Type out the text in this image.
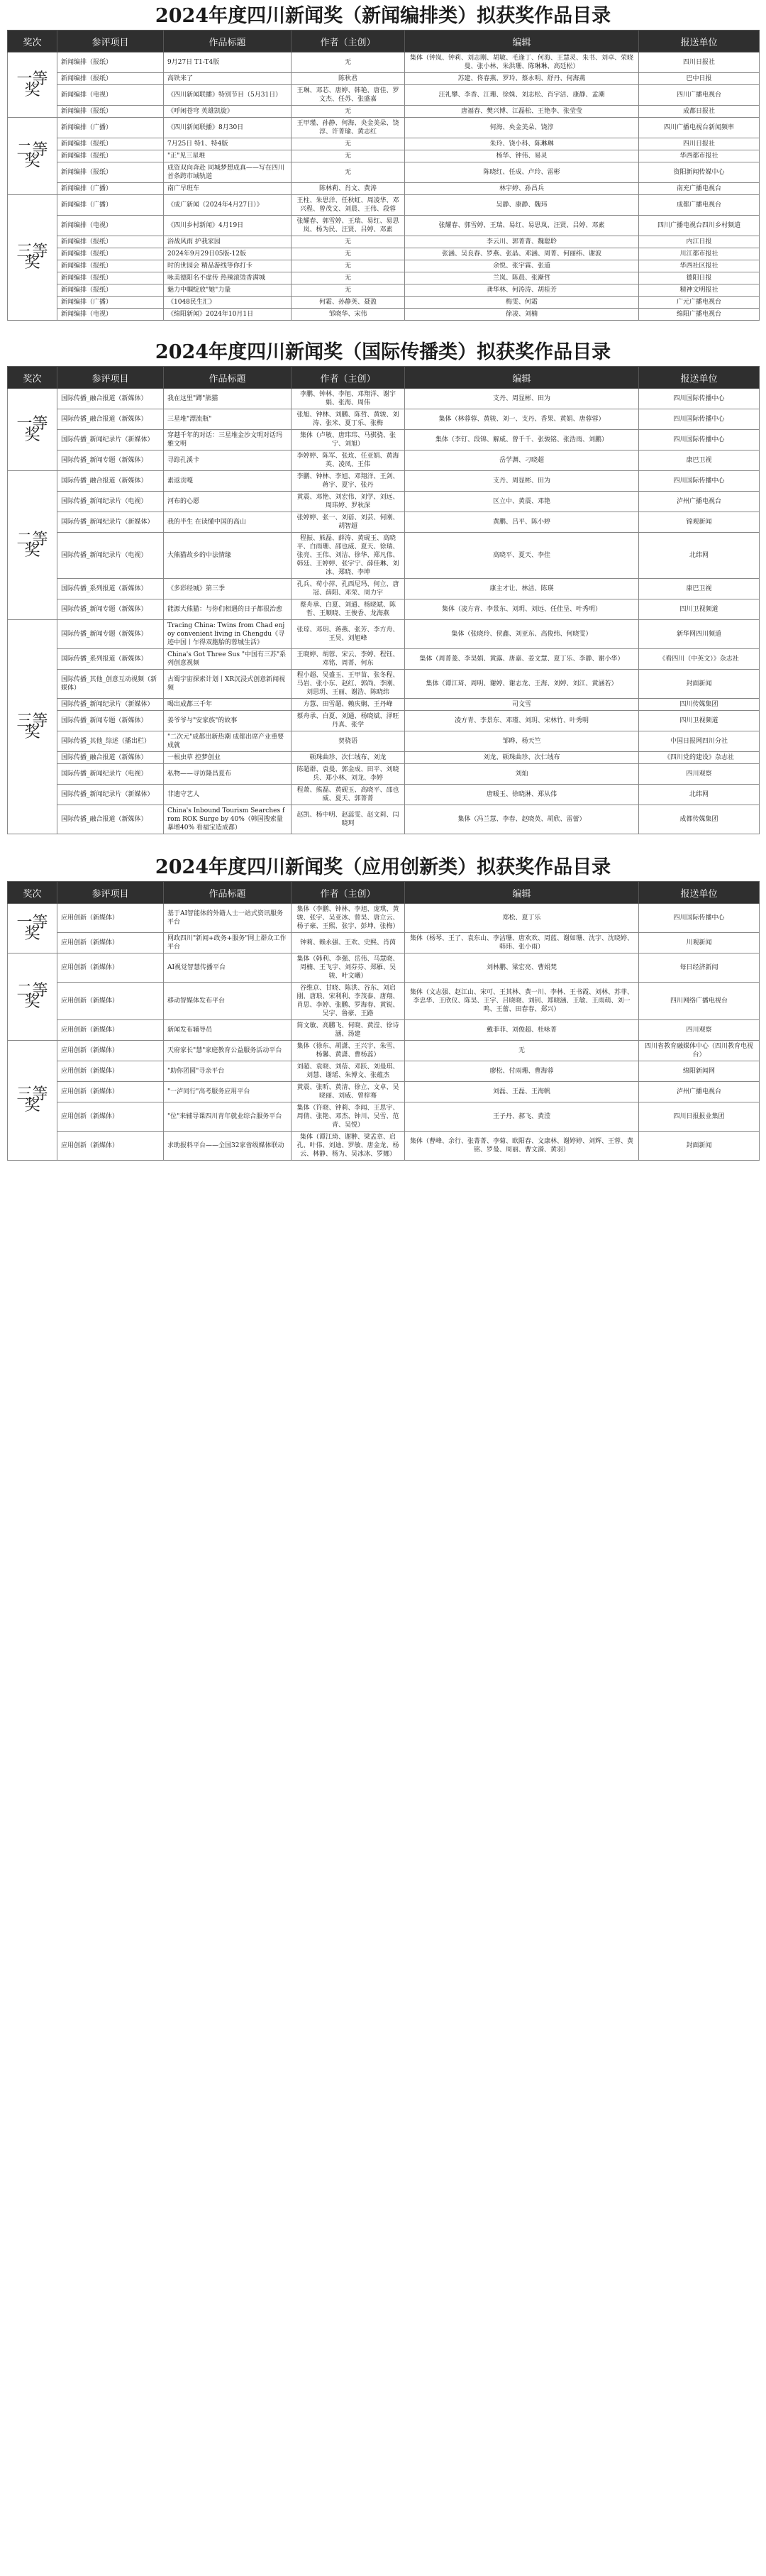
2024年度四川新闻奖（新闻编排类）拟获奖作品目录
奖次	参评项目	作品标题	作者（主创）	编辑	报送单位
一等奖	新闻编排（报纸）	9月27日 T1-T4版	无	集体（钟岚、钟莉、刘志刚、胡敏、毛逢丁、何海、王慧灵、朱书、刘卓、荣晓曼、张小林、朱洪珊、陈琳琳、高廷松）	四川日报社
	新闻编排（报纸）	高铁来了	陈秋君	苏建、佟春燕、罗玲、蔡永明、舒丹、何海燕	巴中日报
	新闻编排（电视）	《四川新闻联播》特别节目（5月31日）	王琳、邓芯、唐婷、韩艳、唐佳、罗文杰、任苏、张盛嘉	汪礼攀、李香、江珊、徐姝、刘志松、肖宇洁、康静、孟潮	四川广播电视台
	新闻编排（报纸）	《呼闲苍穹 英雄凯旋》	无	唐福春、樊兴博、江磊松、王艳李、张莹莹	成都日报社
二等奖	新闻编排（广播）	《四川新闻联播》8月30日	王甲瑾、孙静、何海、央金美朵、饶淳、许菁瑜、黄志红	何海、央金美朵、饶淳	四川广播电视台新闻频率
	新闻编排（报纸）	7月25日 特1、特4版	无	朱玲、饶小科、陈琳琳	四川日报社
	新闻编排（报纸）	"正"见三星堆	无	杨华、钟伟、易灵	华西都市报社
	新闻编排（报纸）	成资双向奔赴 同城梦想成真——写在四川首条跨市域轨道	无	陈晓红、任成、卢玲、雷彬	资阳新闻传媒中心
	新闻编排（广播）	南广早班车	陈林莉、肖文、黄涛	林宇婷、孙昌兵	南充广播电视台
三等奖	新闻编排（广播）	《成广新闻（2024年4月27日）》	王柱、朱思洋、任秋虹、周凌华、邓兴程、曾茂文、刘晨、王伟、段蓉	吴静、康静、魏玮	成都广播电视台
	新闻编排（电视）	《四川乡村新闻》4月19日	张耀春、郭雪婷、王瑞、易红、易思岚、杨为民、汪贤、吕婷、邓素	张耀春、郭雪婷、王瑞、易红、易思岚、汪贤、吕婷、邓素	四川广播电视台四川乡村频道
	新闻编排（报纸）	浴战风雨 护我家园	无	李云川、郭菁菁、魏聪聆	内江日报
	新闻编排（报纸）	2024年9月29日05版-12版	无	张涵、吴良春、罗燕、张晶、邓涵、周菁、何丽纬、谢波	川江都市报社
	新闻编排（报纸）	时的世园会 精品游线等你打卡	无	余悦、张宇霖、张道	华西社区报社
	新闻编排（报纸）	咏美德阳名不虚传 热辣滚烫香满城	无	兰岚、陈晨、张漸哲	德阳日报
	新闻编排（报纸）	魅力中帼绽放"她"力量	无	龚华林、何涛涛、胡桂芳	精神文明报社
	新闻编排（广播）	《1048民生汇》	何霜、孙静英、聂盈	梅雯、何霜	广元广播电视台
	新闻编排（电视）	《绵阳新闻》2024年10月1日	邹晓华、宋伟	徐凌、刘楠	绵阳广播电视台
2024年度四川新闻奖（国际传播类）拟获奖作品目录
奖次	参评项目	作品标题	作者（主创）	编辑	报送单位
一等奖	国际传播_融合报道（新媒体）	我在这里"蹲"熊猫	李鹏、钟林、李旭、邓翔洋、谢宇娟、张海、周伟	支丹、周显彬、田为	四川国际传播中心
	国际传播_融合报道（新媒体）	三星堆"漂流瓶"	张旭、钟林、刘鹏、陈哲、黄骏、刘涛、张米、夏丁乐、张梅	集体（林蓉蓉、黄骏、刘一、支丹、香果、黄娟、唐蓉蓉）	四川国际传播中心
	国际传播_新闻纪录片（新媒体）	穿越千年的对话：三星堆金沙文明对话玛雅文明	集体（卢敏、唐玮玮、马骐骁、张宁、刘旭）	集体（李钉、段锦、解威、曾千千、张骏铭、张浩雨、刘鹏）	四川国际传播中心
	国际传播_新闻专题（新媒体）	寻踪孔溪卡	李婷婷、陈军、张玫、任亚娟、黄海英、凌凤、王伟	岳学渊、刁晓超	康巴卫视
二等奖	国际传播_融合报道（新媒体）	素返贡嘎	李鹏、钟林、李旭、邓翔洋、王剑、蒋宇、夏宇、张丹	支丹、周显彬、田为	四川国际传播中心
	国际传播_新闻纪录片（电视）	河布的心愿	黄震、邓艳、刘宏伟、刘学、刘远、周玮婷、罗秋深	区立中、黄震、邓艳	泸州广播电视台
	国际传播_新闻纪录片（新媒体）	我的半生 在读懂中国的高山	张婷婷、张一、刘蓓、刘芸、何刚、胡智超	黄鹏、吕平、陈小婷	锦观新闻
	国际传播_新闻纪录片（电视）	大熊猫故乡的中法情缘	程振、熊磊、薛涛、黄砚玉、高晓平、白雨珊、邵也威、夏天、徐瑞、张亮、王伟、刘洁、徐华、郑凡伟、韩廷、王婷婷、张宇宁、薛佳琳、刘冰、郑晓、李坤	高晓平、夏天、李佳	北纬网
	国际传播_系列报道（新媒体）	《多彩经城》第三季	孔兵、苟小萍、孔西尼玛、何立、唐冠、薛阳、邓荣、周力宇	康主才让、林洁、陈瑛	康巴卫视
	国际传播_新闻专题（新媒体）	能源大熊猫：与你们相遇的日子都很治愈	蔡舟承、白夏、刘通、杨晓斌、陈哲、王顺晓、王俊香、龙海燕	集体（凌方青、李景东、刘玥、刘远、任佳呈、叶秀明）	四川卫视频道
三等奖	国际传播_新闻专题（新媒体）	Tracing China: Twins from Chad enjoy convenient living in Chengdu《寻迹中国丨乍得双胞胎的蓉城生活》	张琼、邓玥、蒋燕、张芳、李方舟、王昊、刘旭峰	集体（张晓玲、侯鑫、刘亚东、高俊纬、何晓雯）	新华网四川频道
	国际传播_系列报道（新媒体）	China's Got Three Sus "中国有三苏"系列创意视频	王晓婷、胡蓉、宋云、李婷、程钰、邓铭、周菁、何东	集体（周菁菱、李昊娟、黄露、唐嘉、姜文慧、夏丁乐、李静、谢小华）	《看四川（中英文）》杂志社
	国际传播_其他_创意互动视频（新媒体）	古蜀宇宙探索计划丨XR沉浸式创意新闻视频	程小超、吴盛玉、王甲苗、张冬程、马岩、张小东、赵红、郭尚、李刚、刘思玥、王丽、谢浩、陈晓纬	集体（谭江琦、周明、谢婷、谢志龙、王海、刘婷、刘江、黄涵若）	封面新闻
	国际传播_新闻纪录片（新媒体）	喝出成都三千年	方慧、田雪超、赖庆娴、王丹峰	司文雪	四川传媒集团
	国际传播_新闻专题（新媒体）	姜爷爷与"安家族"的故事	蔡舟承、白夏、刘通、杨晓斌、泽旺丹真、张学	凌方青、李景东、邓瑾、刘玥、宋林竹、叶秀明	四川卫视频道
	国际传播_其他_综述（播出栏）	"二次元"成都出新热潮 成都出席产业重要成就	贺骁语	邹晔、杨天竺	中国日报网四川分社
	国际传播_融合报道（新媒体）	一根虫草 控梦创业	顿珠曲珍、次仁绒布、刘龙	刘龙、顿珠曲珍、次仁绒布	《四川党的建设》杂志社
	国际传播_新闻纪录片（电视）	私物——寻访隆昌夏布	陈超群、袁曼、郭金成、田平、刘晓兵、郑小林、刘龙、李婷	刘灿	四川观察
	国际传播_新闻纪录片（新媒体）	非遗守艺人	程萧、熊磊、黄砚玉、高晓平、邵也威、夏天、郭菁菁	唐暖玉、徐晓淋、郑从伟	北纬网
	国际传播_融合报道（新媒体）	China's Inbound Tourism Searches from ROK Surge by 40%（韩国搜索量暴增40% 看福宝造成都）	赵凯、杨中明、赵蕊雯、赵文莉、闫晓珂	集体（冯兰慧、李春、赵晓英、胡欣、雷蕾）	成都传媒集团
2024年度四川新闻奖（应用创新类）拟获奖作品目录
奖次	参评项目	作品标题	作者（主创）	编辑	报送单位
一等奖	应用创新（新媒体）	基于AI智能体的外籍人士一站式资讯服务平台	集体（李鹏、钟林、李旭、庞琪、黄骏、张宇、吴亚冰、曾昊、唐立云、杨子豪、王熙、张宇、彭坤、张梅）	郑松、夏丁乐	四川国际传播中心
	应用创新（新媒体）	网政四川"新闻+政务+服务"网上群众工作平台	钟莉、赖永强、王欢、史熙、肖茵	集体（杨琴、王了、袁东山、李洁珊、唐欢欢、周蓝、谢如珊、沈宇、沈晓婷、韩玮、张小雨）	川观新闻
二等奖	应用创新（新媒体）	AI视觉智慧传播平台	集体（韩利、李强、岳伟、马慧晓、周楠、王飞宇、刘芬芬、郑雁、吴骏、叶文曦）	刘林鹏、梁宏亮、曹娟梵	每日经济新闻
	应用创新（新媒体）	移动智媒体发布平台	谷维京、甘晓、陈洪、谷东、刘启刚、唐琅、宋利利、李茂泰、唐翔、肖思、李婷、张鹏、罗海春、黄锐、吴宇、鲁豪、王路	集体（文志强、赵江山、宋可、王其林、黄一川、李林、王书霞、刘林、苏菲、李忠华、王欣仪、陈昊、王宇、吕晓晓、刘钊、郑晓涵、王敏、王雨萌、刘一鸣、王蕾、田春春、郑兴）	四川网络广播电视台
	应用创新（新媒体）	新闻发布辅导员	简文敏、高鹏飞、何晓、黄滢、徐诗涵、汤建	戴菲菲、刘俊超、杜咏菁	四川观察
三等奖	应用创新（新媒体）	天府家长"慧"家庭教育公益服务活动平台	集体（徐东、胡潇、王兴宇、朱雪、杨馨、黄潇、曹杨蕊）	无	四川省教育融媒体中心（四川教育电视台）
	应用创新（新媒体）	"助你团圆"寻亲平台	刘超、袁晓、刘蓓、邓跃、刘曼琪、刘慧、谢瑶、朱博文、张蕴杰	廖松、付雨珊、曹海蓉	绵阳新闻网
	应用创新（新媒体）	"一泸同行"高考服务应用平台	黄震、张昕、黄清、徐立、文卓、吴晓丽、刘威、曾梓骞	刘磊、王磊、王海帆	泸州广播电视台
	应用创新（新媒体）	"位"来辅导课四川青年就业综合服务平台	集体（许晓、钟莉、李闻、王思宇、周倩、张艳、邓杰、钟川、吴雪、范青、吴悦）	王子丹、郝飞、黄滢	四川日报报业集团
	应用创新（新媒体）	求助报料平台——全国32家省级媒体联动	集体（谭江琦、谢翀、梁孟章、启孔、叶伟、刘迪、罗敏、唐金龙、杨云、林静、杨为、吴冰冰、罗娜）	集体（曹峰、余行、张菁菁、李菊、欧阳春、文康林、谢婷婷、刘辉、王蓉、黄铭、罗曼、周丽、曹文漪、黄羽）	封面新闻
